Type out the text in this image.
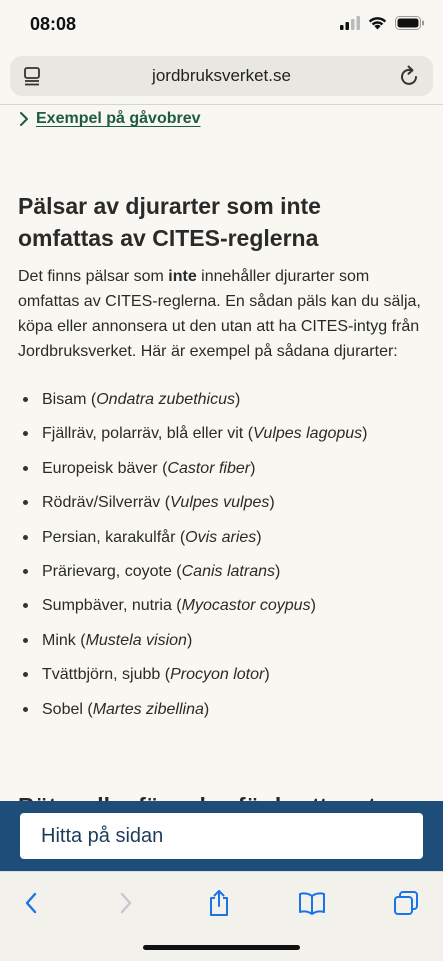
08:08
jordbruksverket.se
Exempel på gåvobrev
Pälsar av djurarter som inte omfattas av CITES-reglerna

Det finns pälsar som inte innehåller djurarter som omfattas av CITES-reglerna. En sådan päls kan du sälja, köpa eller annonsera ut den utan att ha CITES-intyg från Jordbruksverket. Här är exempel på sådana djurarter:

Bisam (Ondatra zubethicus)
Fjällräv, polarräv, blå eller vit (Vulpes lagopus)
Europeisk bäver (Castor fiber)
Rödräv/Silverräv (Vulpes vulpes)
Persian, karakulfår (Ovis aries)
Prärievarg, coyote (Canis latrans)
Sumpbäver, nutria (Myocastor coypus)
Mink (Mustela vision)
Tvättbjörn, sjubb (Procyon lotor)
Sobel (Martes zibellina)
Hitta på sidan
